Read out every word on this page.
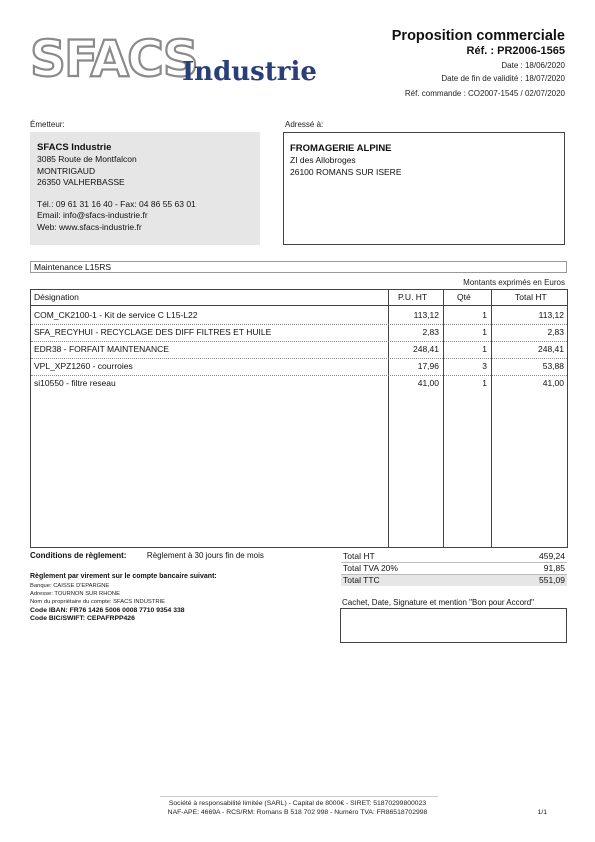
SFACS
Industrie
Proposition commerciale
Réf. : PR2006-1565
Date : 18/06/2020
Date de fin de validité : 18/07/2020
Réf. commande : CO2007-1545 / 02/07/2020
Émetteur:
SFACS Industrie
3085 Route de Montfalcon
MONTRIGAUD
26350 VALHERBASSE
Tél.: 09 61 31 16 40 - Fax: 04 86 55 63 01
Email: info@sfacs-industrie.fr
Web: www.sfacs-industrie.fr
Adressé à:
FROMAGERIE ALPINE
ZI des Allobroges
26100 ROMANS SUR ISERE
Maintenance L15RS
Montants exprimés en Euros
Désignation	P.U. HT	Qté	Total HT
COM_CK2100-1 - Kit de service C L15-L22	113,12	1	113,12
SFA_RECYHUI - RECYCLAGE DES DIFF FILTRES ET HUILE	2,83	1	2,83
EDR38 - FORFAIT MAINTENANCE	248,41	1	248,41
VPL_XPZ1260 - courroies	17,96	3	53,88
si10550 - filtre reseau	41,00	1	41,00
Conditions de règlement:	Règlement à 30 jours fin de mois
Règlement par virement sur le compte bancaire suivant:
Banque: CAISSE D'EPARGNE
Adresse: TOURNON SUR RHONE
Nom du propriétaire du compte: SFACS INDUSTRIE
Code IBAN: FR76 1426 5006 0008 7710 9354 338
Code BIC/SWIFT: CEPAFRPP426
Total HT	459,24
Total TVA 20%	91,85
Total TTC	551,09
Cachet, Date, Signature et mention "Bon pour Accord"
Société à responsabilité limitée (SARL) - Capital de 8000€ - SIRET: 51870299800023
NAF-APE: 4669A - RCS/RM: Romans B 518 702 998 - Numéro TVA: FR86518702998	1/1
